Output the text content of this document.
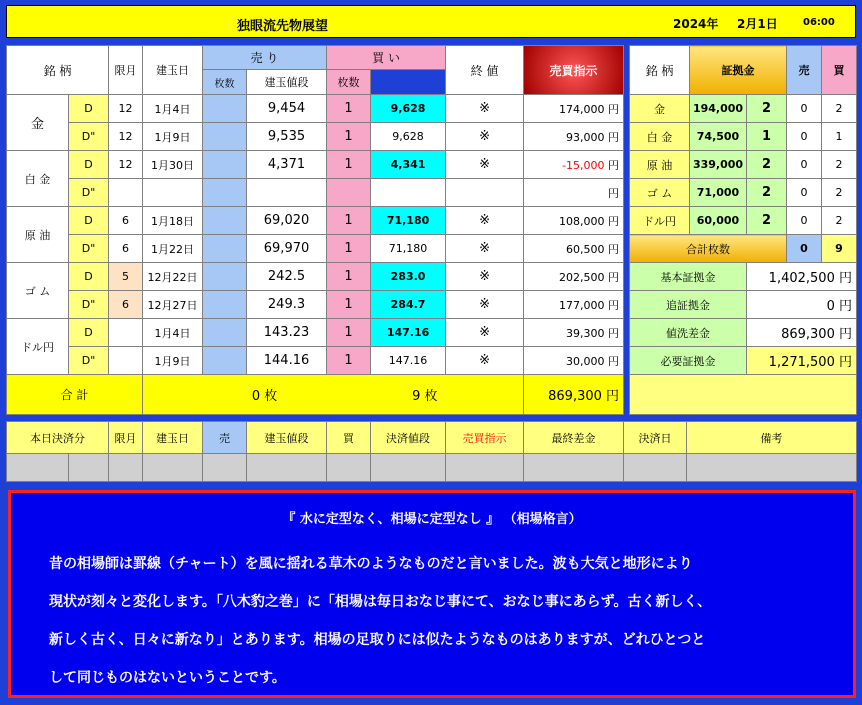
独眼流先物展望	2024年 2月1日	06:00
銘 柄		限月	建玉日	売 り		買 い		終 値	売買指示	
				枚数	建玉値段	枚数				
金	D	12	1月4日		9,454	1	9,628	※	174,000 円	
	D"	12	1月9日		9,535	1	9,628	※	93,000 円	
白 金	D	12	1月30日		4,371	1	4,341	※	-15,000 円	
	D"								円	
原 油	D	6	1月18日		69,020	1	71,180	※	108,000 円	
	D"	6	1月22日		69,970	1	71,180	※	60,500 円	
ゴ ム	D	5	12月22日		242.5	1	283.0	※	202,500 円	
	D"	6	12月27日		249.3	1	284.7	※	177,000 円	
ドル円	D		1月4日		143.23	1	147.16	※	39,300 円	
	D"		1月9日		144.16	1	147.16	※	30,000 円	
合 計				0 枚		9 枚			869,300 円	
銘 柄	証拠金		売	買
金	194,000	2	0	2
白 金	74,500	1	0	1
原 油	339,000	2	0	2
ゴ ム	71,000	2	0	2
ドル円	60,000	2	0	2
合計枚数			0	9
基本証拠金		1,402,500 円		
追証拠金		0 円		
値洗差金		869,300 円		
必要証拠金		1,271,500 円		

本日決済分		限月	建玉日	売	建玉値段	買	決済値段	売買指示	最終差金	決済日	備考

『 水に定型なく、相場に定型なし 』 （相場格言）
昔の相場師は罫線（チャート）を風に揺れる草木のようなものだと言いました。波も大気と地形により
現状が刻々と変化します。「八木豹之巻」に「相場は毎日おなじ事にて、おなじ事にあらず。古く新しく、
新しく古く、日々に新なり」とあります。相場の足取りには似たようなものはありますが、どれひとつと
して同じものはないということです。
